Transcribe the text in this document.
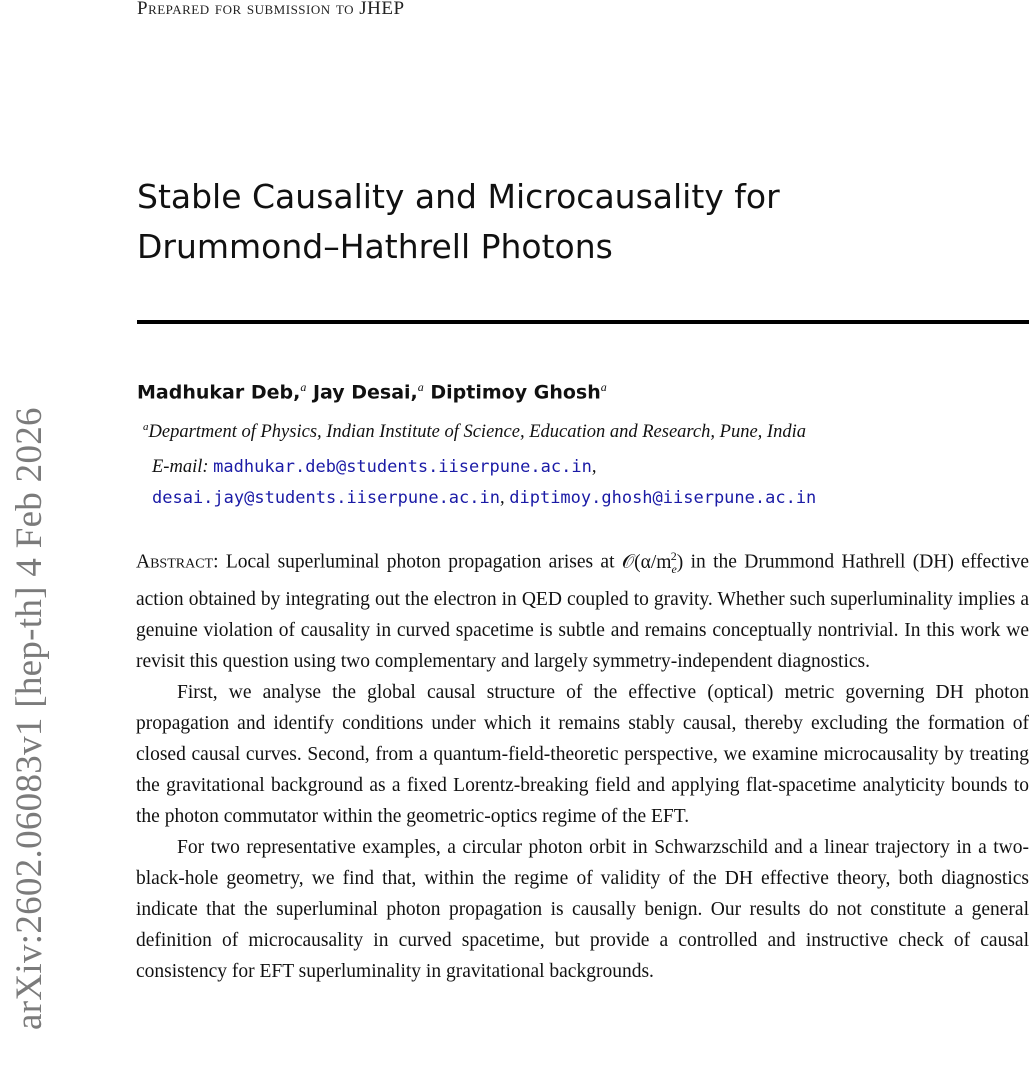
Prepared for submission to JHEP
arXiv:2602.06083v1 [hep-th] 4 Feb 2026
Stable Causality and Microcausality for
Drummond–Hathrell Photons
Madhukar Deb,$^a$ Jay Desai,$^a$ Diptimoy Ghosh$^a$
$^a$Department of Physics, Indian Institute of Science, Education and Research, Pune, India
E-mail: madhukar.deb@students.iiserpune.ac.in,
desai.jay@students.iiserpune.ac.in, diptimoy.ghosh@iiserpune.ac.in

Abstract: Local superluminal photon propagation arises at $𝒪(\alpha/m_e^2)$ in the Drummond Hathrell (DH) effective action obtained by integrating out the electron in QED coupled to gravity. Whether such superluminality implies a genuine violation of causality in curved spacetime is subtle and remains conceptually nontrivial. In this work we revisit this question using two complementary and largely symmetry-independent diagnostics.

First, we analyse the global causal structure of the effective (optical) metric governing DH photon propagation and identify conditions under which it remains stably causal, thereby excluding the formation of closed causal curves. Second, from a quantum-field-theoretic perspective, we examine microcausality by treating the gravitational background as a fixed Lorentz-breaking field and applying flat-spacetime analyticity bounds to the photon commutator within the geometric-optics regime of the EFT.

For two representative examples, a circular photon orbit in Schwarzschild and a linear trajectory in a two-black-hole geometry, we find that, within the regime of validity of the DH effective theory, both diagnostics indicate that the superluminal photon propagation is causally benign. Our results do not constitute a general definition of microcausality in curved spacetime, but provide a controlled and instructive check of causal consistency for EFT superluminality in gravitational backgrounds.
